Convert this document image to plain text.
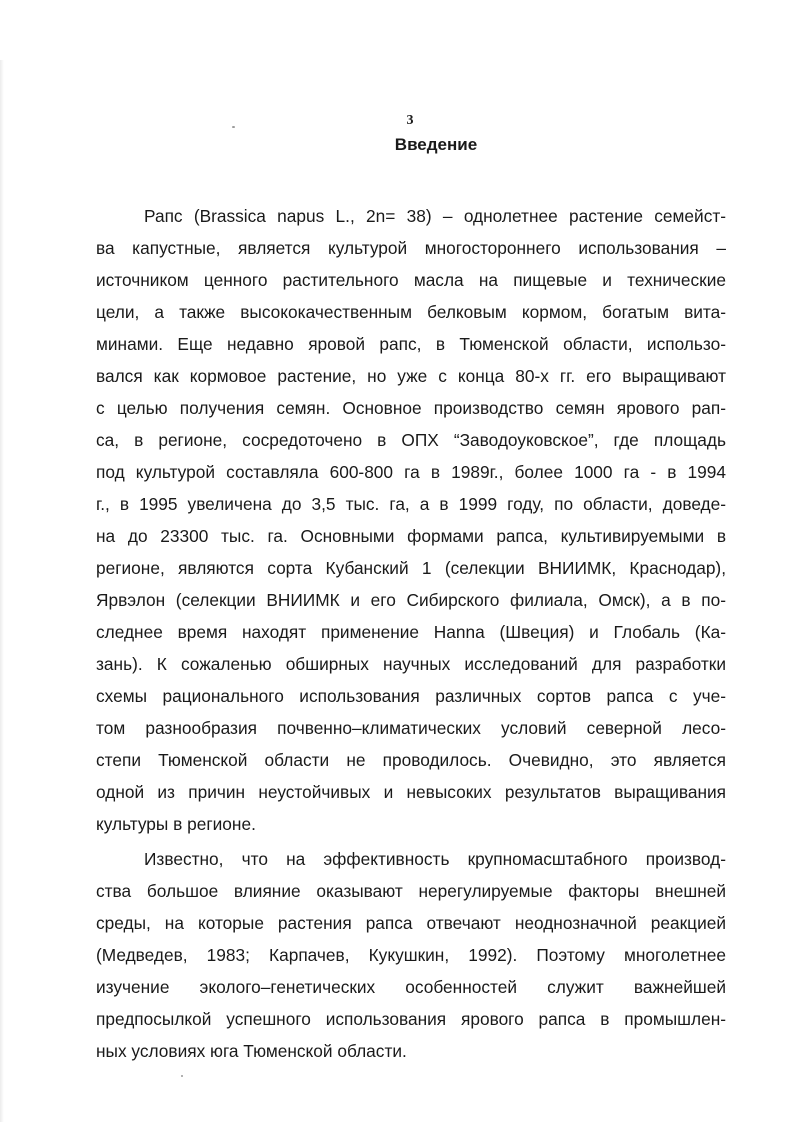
3
Введение

Рапс (Brassica napus L., 2n= 38) – однолетнее растение семейст-
ва капустные, является культурой многостороннего использования –
источником ценного растительного масла на пищевые и технические
цели, а также высококачественным белковым кормом, богатым вита-
минами. Еще недавно яровой рапс, в Тюменской области, использо-
вался как кормовое растение, но уже с конца 80-х гг. его выращивают
с целью получения семян. Основное производство семян ярового рап-
са, в регионе, сосредоточено в ОПХ “Заводоуковское”, где площадь
под культурой составляла 600-800 га в 1989г., более 1000 га - в 1994
г., в 1995 увеличена до 3,5 тыс. га, а в 1999 году, по области, доведе-
на до 23300 тыс. га. Основными формами рапса, культивируемыми в
регионе, являются сорта Кубанский 1 (селекции ВНИИМК, Краснодар),
Ярвэлон (селекции ВНИИМК и его Сибирского филиала, Омск), а в по-
следнее время находят применение Hanna (Швеция) и Глобаль (Ка-
зань). К сожаленью обширных научных исследований для разработки
схемы рационального использования различных сортов рапса с уче-
том разнообразия почвенно–климатических условий северной лесо-
степи Тюменской области не проводилось. Очевидно, это является
одной из причин неустойчивых и невысоких результатов выращивания
культуры в регионе.

Известно, что на эффективность крупномасштабного производ-
ства большое влияние оказывают нерегулируемые факторы внешней
среды, на которые растения рапса отвечают неоднозначной реакцией
(Медведев, 1983; Карпачев, Кукушкин, 1992). Поэтому многолетнее
изучение эколого–генетических особенностей служит важнейшей
предпосылкой успешного использования ярового рапса в промышлен-
ных условиях юга Тюменской области.
